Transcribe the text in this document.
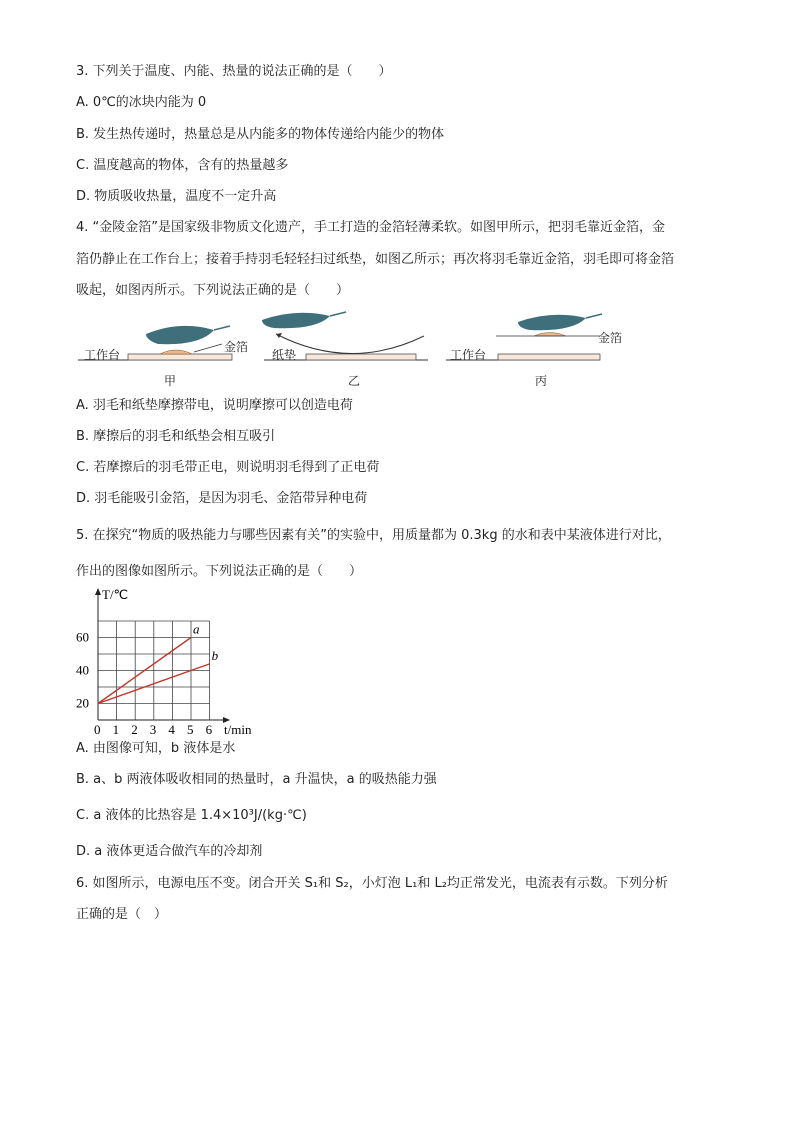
3. 下列关于温度、内能、热量的说法正确的是（　　）
A. 0℃的冰块内能为 0
B. 发生热传递时，热量总是从内能多的物体传递给内能少的物体
C. 温度越高的物体，含有的热量越多
D. 物质吸收热量，温度不一定升高
4. “金陵金箔”是国家级非物质文化遗产，手工打造的金箔轻薄柔软。如图甲所示，把羽毛靠近金箔，金
箔仍静止在工作台上；接着手持羽毛轻轻扫过纸垫，如图乙所示；再次将羽毛靠近金箔，羽毛即可将金箔
吸起，如图丙所示。下列说法正确的是（　　）
工作台
金箔
甲
纸垫
乙
工作台
金箔
丙
A. 羽毛和纸垫摩擦带电，说明摩擦可以创造电荷
B. 摩擦后的羽毛和纸垫会相互吸引
C. 若摩擦后的羽毛带正电，则说明羽毛得到了正电荷
D. 羽毛能吸引金箔，是因为羽毛、金箔带异种电荷
5. 在探究“物质的吸热能力与哪些因素有关”的实验中，用质量都为 0.3kg 的水和表中某液体进行对比，
作出的图像如图所示。下列说法正确的是（　　）
0 1 2 3 4 5 6
20
40
60
a
b
T/℃
t/min
A. 由图像可知，b 液体是水
B. a、b 两液体吸收相同的热量时，a 升温快，a 的吸热能力强
C. a 液体的比热容是 1.4×10³J/(kg·℃)
D. a 液体更适合做汽车的冷却剂
6. 如图所示，电源电压不变。闭合开关 S₁和 S₂，小灯泡 L₁和 L₂均正常发光，电流表有示数。下列分析
正确的是（　）
